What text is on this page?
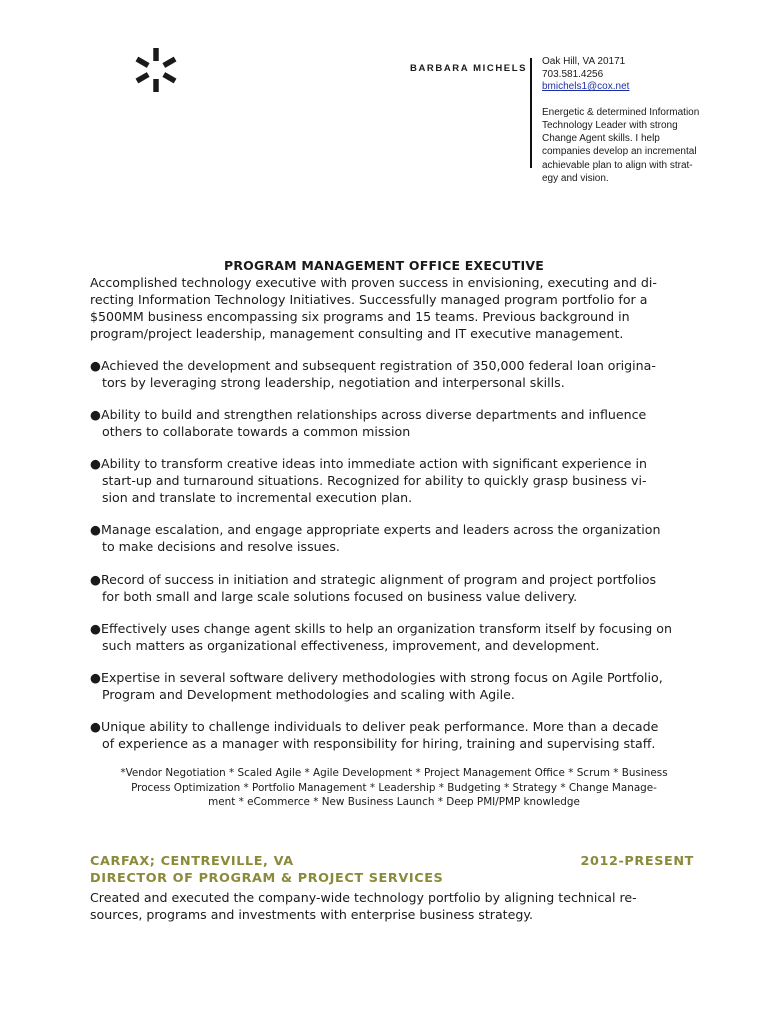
BARBARA MICHELS
Oak Hill, VA 20171
703.581.4256
bmichels1@cox.net
Energetic & determined Information
Technology Leader with strong
Change Agent skills. I help
companies develop an incremental
achievable plan to align with strat-
egy and vision.
PROGRAM MANAGEMENT OFFICE EXECUTIVE
Accomplished technology executive with proven success in envisioning, executing and di-
recting Information Technology Initiatives. Successfully managed program portfolio for a
$500MM business encompassing six programs and 15 teams. Previous background in
program/project leadership, management consulting and IT executive management.
● Achieved the development and subsequent registration of 350,000 federal loan origina-
tors by leveraging strong leadership, negotiation and interpersonal skills.
● Ability to build and strengthen relationships across diverse departments and influence
others to collaborate towards a common mission
● Ability to transform creative ideas into immediate action with significant experience in
start-up and turnaround situations. Recognized for ability to quickly grasp business vi-
sion and translate to incremental execution plan.
● Manage escalation, and engage appropriate experts and leaders across the organization
to make decisions and resolve issues.
● Record of success in initiation and strategic alignment of program and project portfolios
for both small and large scale solutions focused on business value delivery.
● Effectively uses change agent skills to help an organization transform itself by focusing on
such matters as organizational effectiveness, improvement, and development.
● Expertise in several software delivery methodologies with strong focus on Agile Portfolio,
Program and Development methodologies and scaling with Agile.
● Unique ability to challenge individuals to deliver peak performance. More than a decade
of experience as a manager with responsibility for hiring, training and supervising staff.
*Vendor Negotiation * Scaled Agile * Agile Development * Project Management Office * Scrum * Business
Process Optimization * Portfolio Management * Leadership * Budgeting * Strategy * Change Manage-
ment * eCommerce * New Business Launch * Deep PMI/PMP knowledge
CARFAX; CENTREVILLE, VA	2012-PRESENT
DIRECTOR OF PROGRAM & PROJECT SERVICES
Created and executed the company-wide technology portfolio by aligning technical re-
sources, programs and investments with enterprise business strategy.
